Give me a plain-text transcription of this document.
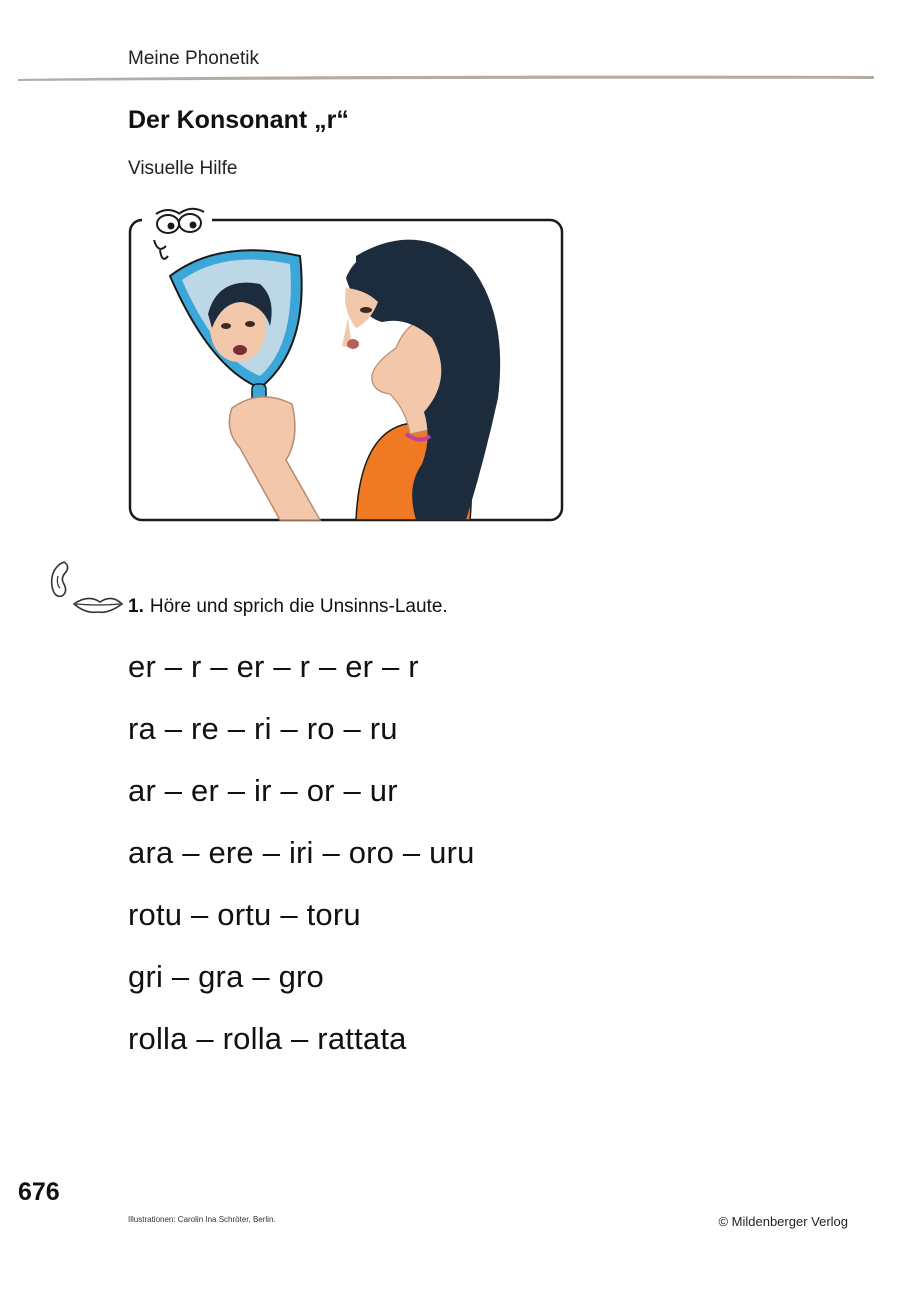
Meine Phonetik
Der Konsonant „r“
Visuelle Hilfe
1. Höre und sprich die Unsinns-Laute.
er – r – er – r – er – r
ra – re – ri – ro – ru
ar – er – ir – or – ur
ara – ere – iri – oro – uru
rotu – ortu – toru
gri – gra – gro
rolla – rolla – rattata
676
Illustrationen: Carolin Ina Schröter, Berlin.	© Mildenberger Verlog
